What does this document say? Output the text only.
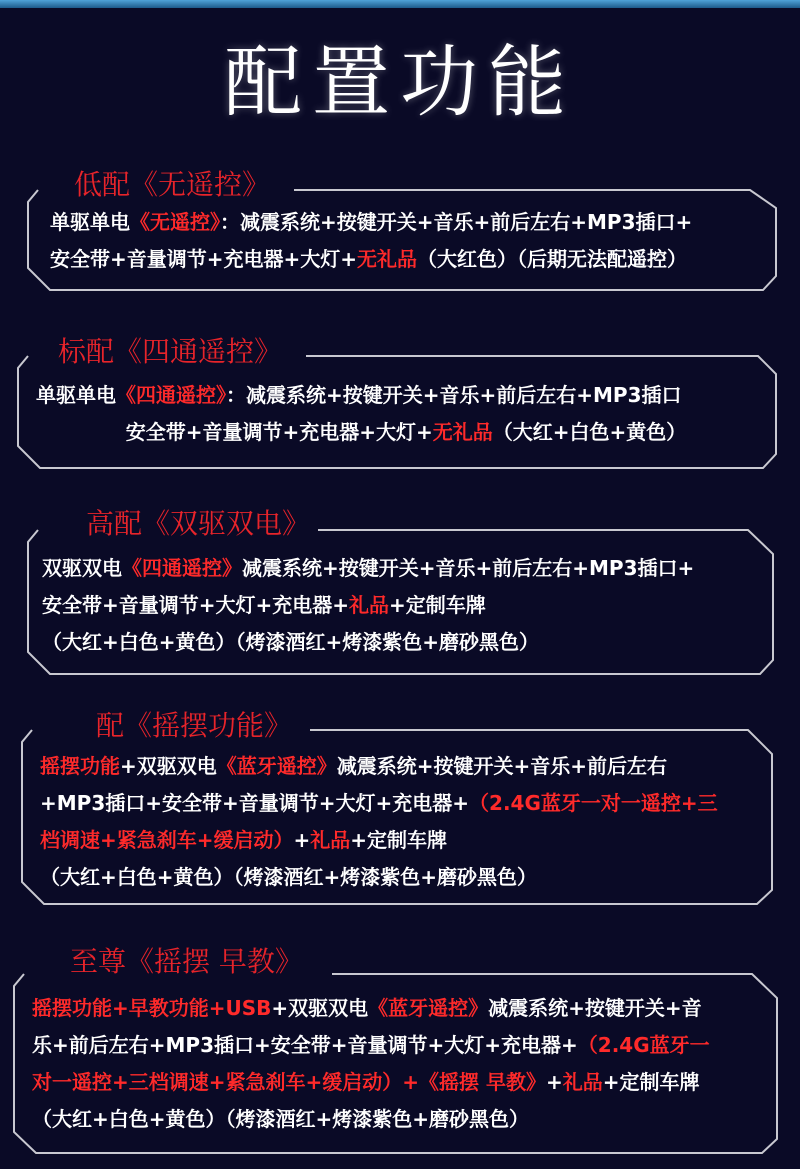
配置功能
低配《无遥控》
单驱单电《无遥控》：减震系统+按键开关+音乐+前后左右+MP3插口+
安全带+音量调节+充电器+大灯+无礼品（大红色）（后期无法配遥控）
标配《四通遥控》
单驱单电《四通遥控》：减震系统+按键开关+音乐+前后左右+MP3插口
安全带+音量调节+充电器+大灯+无礼品（大红+白色+黄色）
高配《双驱双电》
双驱双电《四通遥控》减震系统+按键开关+音乐+前后左右+MP3插口+
安全带+音量调节+大灯+充电器+礼品+定制车牌
（大红+白色+黄色）（烤漆酒红+烤漆紫色+磨砂黑色）
配《摇摆功能》
摇摆功能+双驱双电《蓝牙遥控》减震系统+按键开关+音乐+前后左右
+MP3插口+安全带+音量调节+大灯+充电器+（2.4G蓝牙一对一遥控+三
档调速+紧急刹车+缓启动）+礼品+定制车牌
（大红+白色+黄色）（烤漆酒红+烤漆紫色+磨砂黑色）
至尊《摇摆 早教》
摇摆功能+早教功能+USB+双驱双电《蓝牙遥控》减震系统+按键开关+音
乐+前后左右+MP3插口+安全带+音量调节+大灯+充电器+（2.4G蓝牙一
对一遥控+三档调速+紧急刹车+缓启动）+《摇摆 早教》+礼品+定制车牌
（大红+白色+黄色）（烤漆酒红+烤漆紫色+磨砂黑色）
